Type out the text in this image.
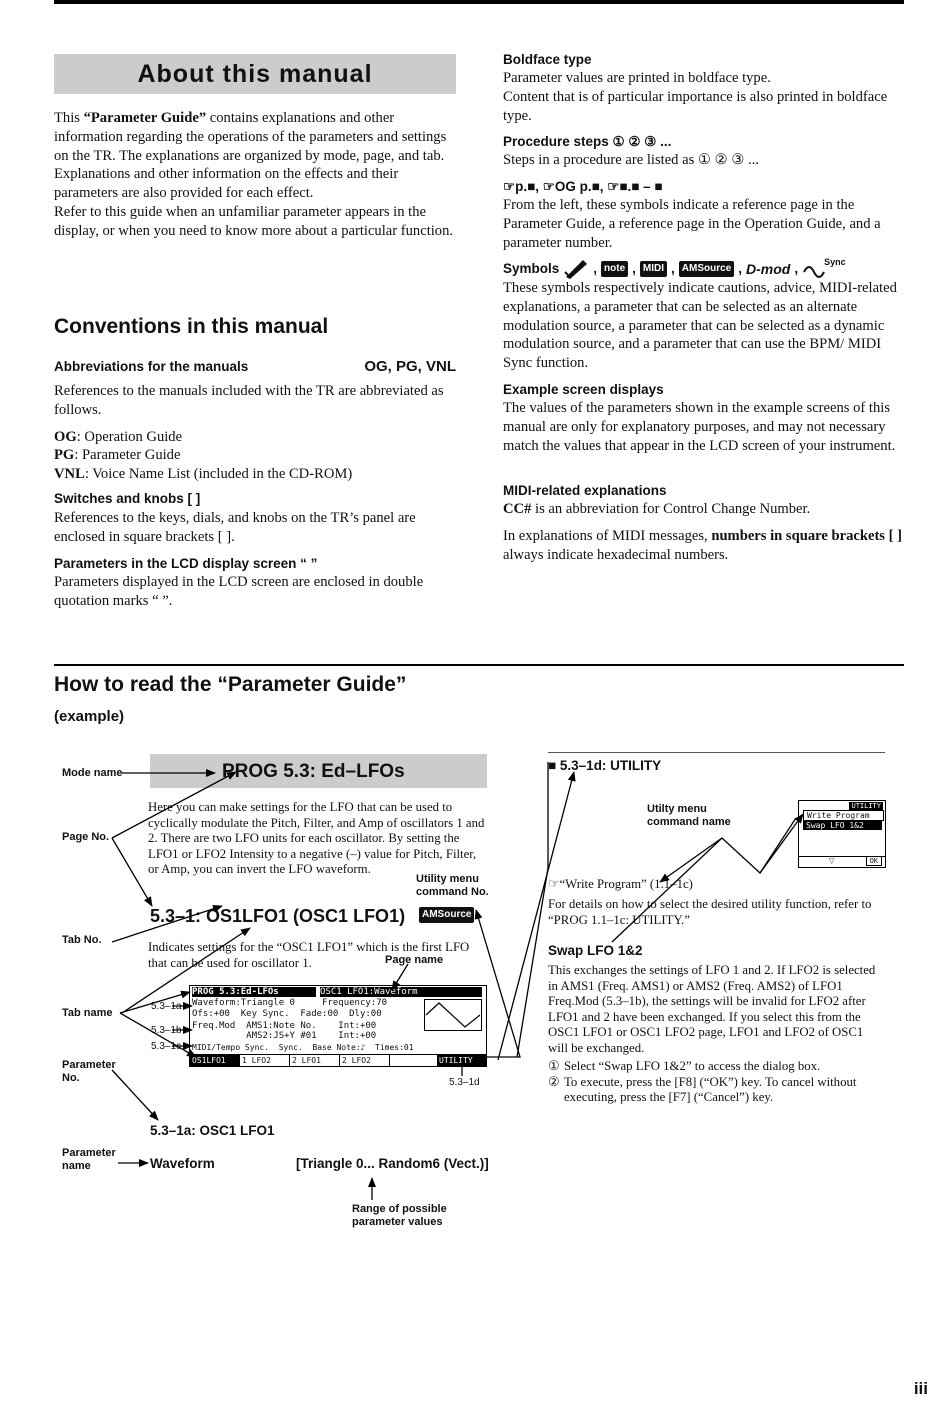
About this manual

This “Parameter Guide” contains explanations and other information regarding the operations of the parameters and settings on the TR. The explanations are organized by mode, page, and tab. Explanations and other information on the effects and their parameters are also provided for each effect.

Refer to this guide when an unfamiliar parameter appears in the display, or when you need to know more about a particular function.

Conventions in this manual
Abbreviations for the manuals	OG, PG, VNL

References to the manuals included with the TR are abbreviated as follows.

OG: Operation Guide

PG: Parameter Guide

VNL: Voice Name List (included in the CD-ROM)

Switches and knobs [ ]
References to the keys, dials, and knobs on the TR’s panel are enclosed in square brackets [ ].
Parameters in the LCD display screen “ ”
Parameters displayed in the LCD screen are enclosed in double quotation marks “ ”.
Boldface type

Parameter values are printed in boldface type.

Content that is of particular importance is also printed in boldface type.

Procedure steps ① ② ③ ...
Steps in a procedure are listed as ① ② ③ ...
☞p.■, ☞OG p.■, ☞■.■ – ■
From the left, these symbols indicate a reference page in the Parameter Guide, a reference page in the Operation Guide, and a parameter number.
Symbols	, note , MIDI , AMSource , D-mod ,	Sync
These symbols respectively indicate cautions, advice, MIDI-related explanations, a parameter that can be selected as an alternate modulation source, a parameter that can be selected as a dynamic modulation source, and a parameter that can use the BPM/ MIDI Sync function.
Example screen displays
The values of the parameters shown in the example screens of this manual are only for explanatory purposes, and may not necessary match the values that appear in the LCD screen of your instrument.
MIDI-related explanations

CC# is an abbreviation for Control Change Number.

In explanations of MIDI messages, numbers in square brackets [ ] always indicate hexadecimal numbers.

How to read the “Parameter Guide”
(example)
Mode name
Page No.
Tab No.
Tab name
Parameter
No.
Parameter
name
PROG 5.3: Ed–LFOs
Here you can make settings for the LFO that can be used to cyclically modulate the Pitch, Filter, and Amp of oscillators 1 and 2. There are two LFO units for each oscillator. By setting the LFO1 or LFO2 Intensity to a negative (–) value for Pitch, Filter, or Amp, you can invert the LFO waveform.
Utility menu
command No.
5.3–1: OS1LFO1 (OSC1 LFO1)	AMSource
Indicates settings for the “OSC1 LFO1” which is the first LFO that can be used for oscillator 1.	Page name
5.3–1a
5.3–1b
5.3–1c
5.3–1d
PROG 5.3:Ed-LFOs	OSC1 LFO1:Waveform
Waveform:Triangle 0     Frequency:70
Ofs:+00  Key Sync.  Fade:00  Dly:00
Freq.Mod  AMS1:Note No.    Int:+00
AMS2:JS+Y #01    Int:+00
MIDI/Tempo Sync.  Sync.  Base Note:♪  Times:01
OS1LFO1	1 LFO2	2 LFO1	2 LFO2	UTILITY
5.3–1a: OSC1 LFO1
Waveform	[Triangle 0... Random6 (Vect.)]
Range of possible
parameter values
■ 5.3–1d: UTILITY
Utilty menu
command name
UTILITY
Write Program
Swap LFO 1&2
OK
▽
☞“Write Program” (1.1–1c)
For details on how to select the desired utility function, refer to “PROG 1.1–1c: UTILITY.”
Swap LFO 1&2
This exchanges the settings of LFO 1 and 2. If LFO2 is selected in AMS1 (Freq. AMS1) or AMS2 (Freq. AMS2) of LFO1 Freq.Mod (5.3–1b), the settings will be invalid for LFO2 after LFO1 and 2 have been exchanged. If you select this from the OSC1 LFO1 or OSC1 LFO2 page, LFO1 and LFO2 of OSC1 will be exchanged.
① Select “Swap LFO 1&2” to access the dialog box.
② To execute, press the [F8] (“OK”) key. To cancel without executing, press the [F7] (“Cancel”) key.
iii
